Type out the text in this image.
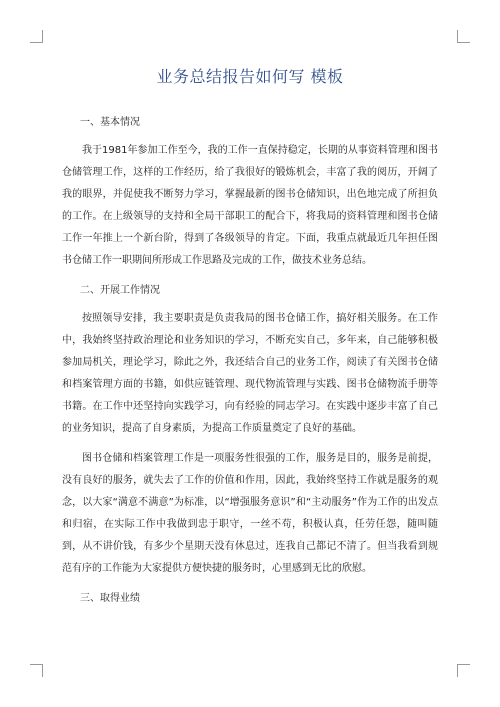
业务总结报告如何写 模板
一、基本情况

我于1981年参加工作至今，我的工作一直保持稳定，长期的从事资料管理和图书仓储管理工作，这样的工作经历，给了我很好的锻炼机会，丰富了我的阅历，开阔了我的眼界，并促使我不断努力学习，掌握最新的图书仓储知识，出色地完成了所担负的工作。在上级领导的支持和全局干部职工的配合下，将我局的资料管理和图书仓储工作一年推上一个新台阶，得到了各级领导的肯定。下面，我重点就最近几年担任图书仓储工作一职期间所形成工作思路及完成的工作，做技术业务总结。

二、开展工作情况

按照领导安排，我主要职责是负责我局的图书仓储工作，搞好相关服务。在工作中，我始终坚持政治理论和业务知识的学习，不断充实自己，多年来，自己能够积极参加局机关，理论学习，除此之外，我还结合自己的业务工作，阅读了有关图书仓储和档案管理方面的书籍，如供应链管理、现代物流管理与实践、图书仓储物流手册等书籍。在工作中还坚持向实践学习，向有经验的同志学习。在实践中逐步丰富了自己的业务知识，提高了自身素质，为提高工作质量奠定了良好的基础。

图书仓储和档案管理工作是一项服务性很强的工作，服务是目的，服务是前提，没有良好的服务，就失去了工作的价值和作用，因此，我始终坚持工作就是服务的观念，以大家“满意不满意”为标准，以“增强服务意识”和“主动服务”作为工作的出发点和归宿，在实际工作中我做到忠于职守，一丝不苟，积极认真，任劳任怨，随叫随到，从不讲价钱，有多少个星期天没有休息过，连我自己都记不清了。但当我看到规范有序的工作能为大家提供方便快捷的服务时，心里感到无比的欣慰。

三、取得业绩
